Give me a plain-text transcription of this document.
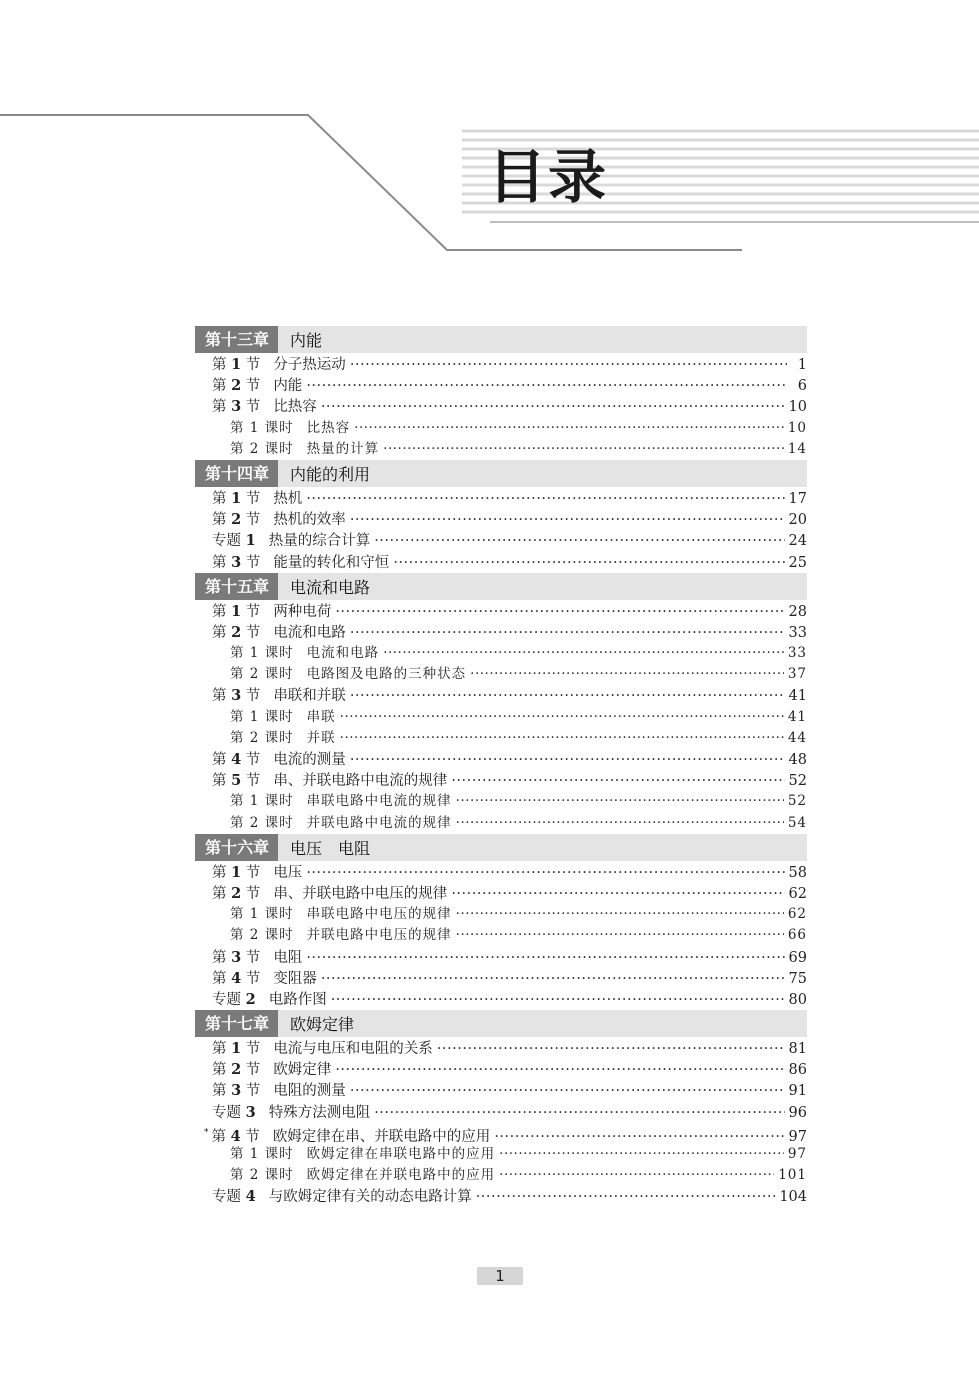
目录
第十三章	内能
第 1 节 分子热运动 ·····	1
第 2 节 内能 ·····	6
第 3 节 比热容 ·····	10
第 1 课时 比热容 ·····	10
第 2 课时 热量的计算 ·····	14
第十四章	内能的利用
第 1 节 热机 ·····	17
第 2 节 热机的效率 ·····	20
专题 1 热量的综合计算 ·····	24
第 3 节 能量的转化和守恒 ·····	25
第十五章	电流和电路
第 1 节 两种电荷 ·····	28
第 2 节 电流和电路 ·····	33
第 1 课时 电流和电路 ·····	33
第 2 课时 电路图及电路的三种状态 ·····	37
第 3 节 串联和并联 ·····	41
第 1 课时 串联 ·····	41
第 2 课时 并联 ·····	44
第 4 节 电流的测量 ·····	48
第 5 节 串、并联电路中电流的规律 ·····	52
第 1 课时 串联电路中电流的规律 ·····	52
第 2 课时 并联电路中电流的规律 ·····	54
第十六章	电压　电阻
第 1 节 电压 ·····	58
第 2 节 串、并联电路中电压的规律 ·····	62
第 1 课时 串联电路中电压的规律 ·····	62
第 2 课时 并联电路中电压的规律 ·····	66
第 3 节 电阻 ·····	69
第 4 节 变阻器 ·····	75
专题 2 电路作图 ·····	80
第十七章	欧姆定律
第 1 节 电流与电压和电阻的关系 ·····	81
第 2 节 欧姆定律 ·····	86
第 3 节 电阻的测量 ·····	91
专题 3 特殊方法测电阻 ·····	96
* 第 4 节 欧姆定律在串、并联电路中的应用 ·····	97
第 1 课时 欧姆定律在串联电路中的应用 ·····	97
第 2 课时 欧姆定律在并联电路中的应用 ·····	101
专题 4 与欧姆定律有关的动态电路计算 ·····	104
1
